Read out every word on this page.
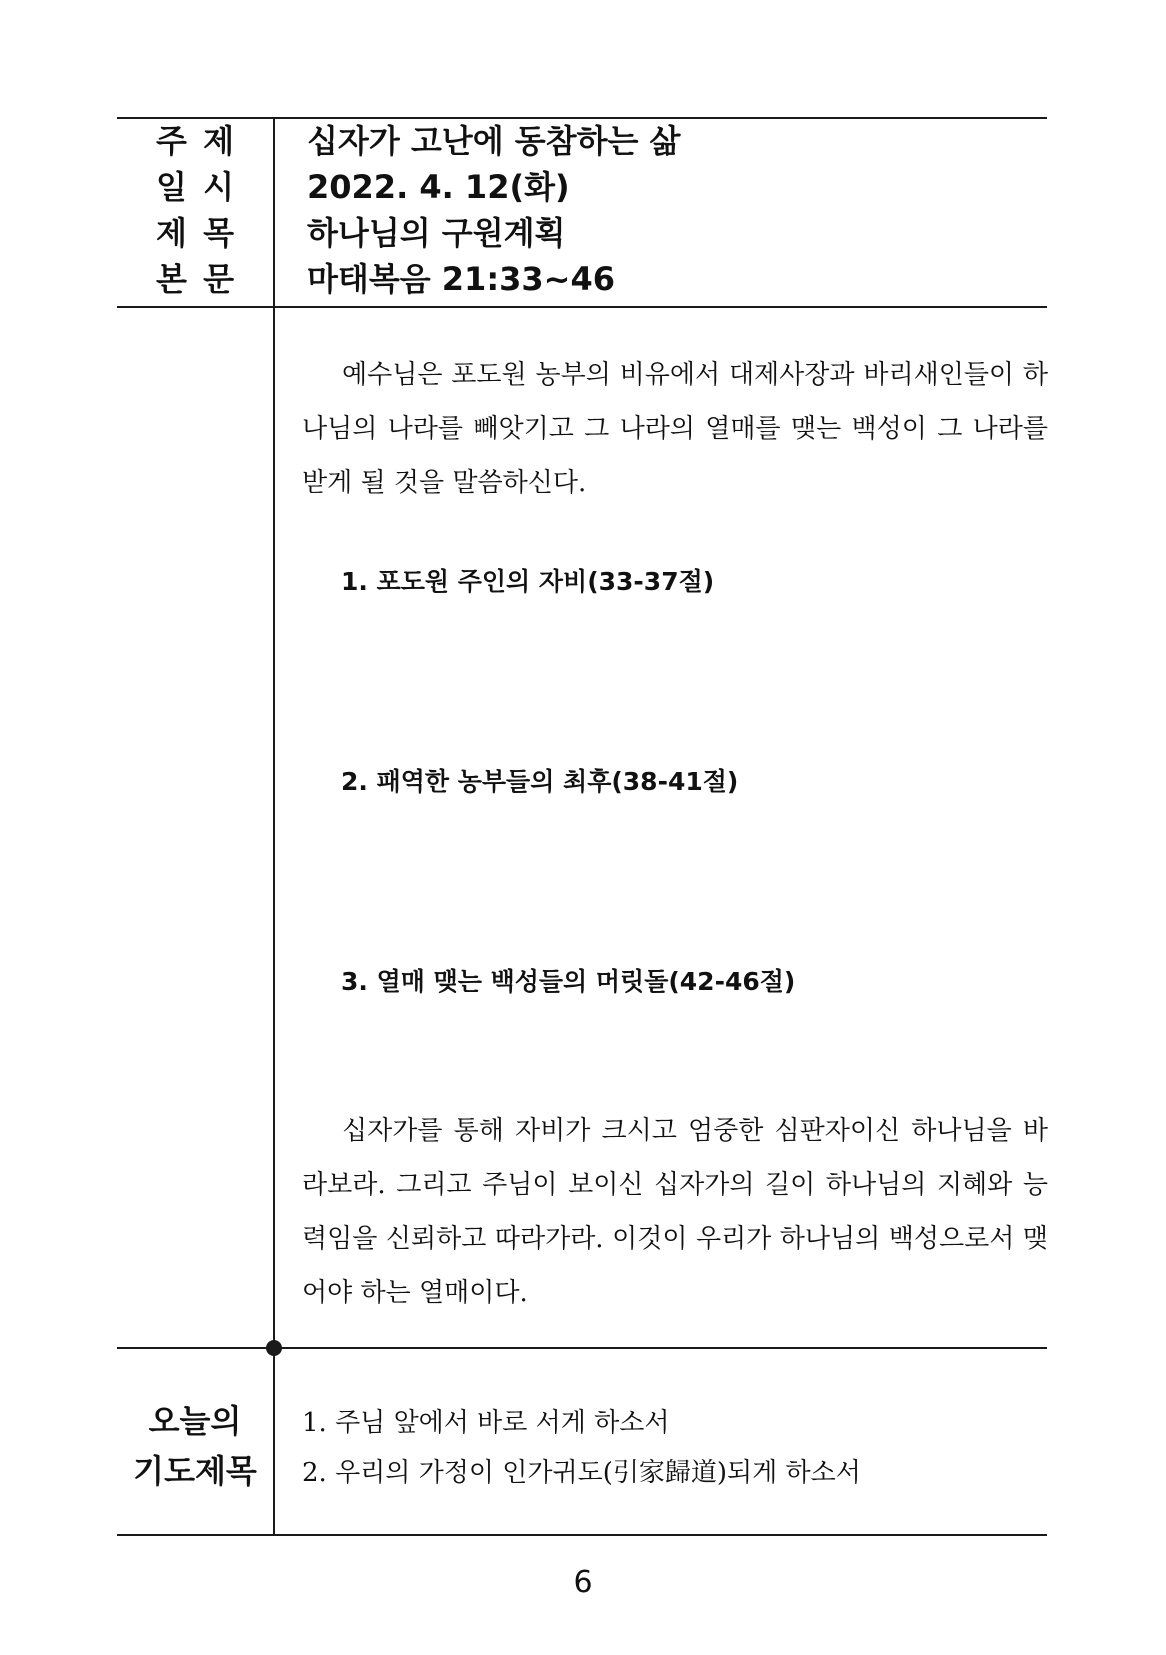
주 제 십자가 고난에 동참하는 삶
일 시 2022. 4. 12(화)
제 목 하나님의 구원계획
본 문 마태복음 21:33~46

예수님은 포도원 농부의 비유에서 대제사장과 바리새인들이 하나님의 나라를 빼앗기고 그 나라의 열매를 맺는 백성이 그 나라를 받게 될 것을 말씀하신다.

1. 포도원 주인의 자비(33-37절)
2. 패역한 농부들의 최후(38-41절)
3. 열매 맺는 백성들의 머릿돌(42-46절)

십자가를 통해 자비가 크시고 엄중한 심판자이신 하나님을 바라보라. 그리고 주님이 보이신 십자가의 길이 하나님의 지혜와 능력임을 신뢰하고 따라가라. 이것이 우리가 하나님의 백성으로서 맺어야 하는 열매이다.

오늘의
기도제목
1. 주님 앞에서 바로 서게 하소서
2. 우리의 가정이 인가귀도(引家歸道)되게 하소서
6
